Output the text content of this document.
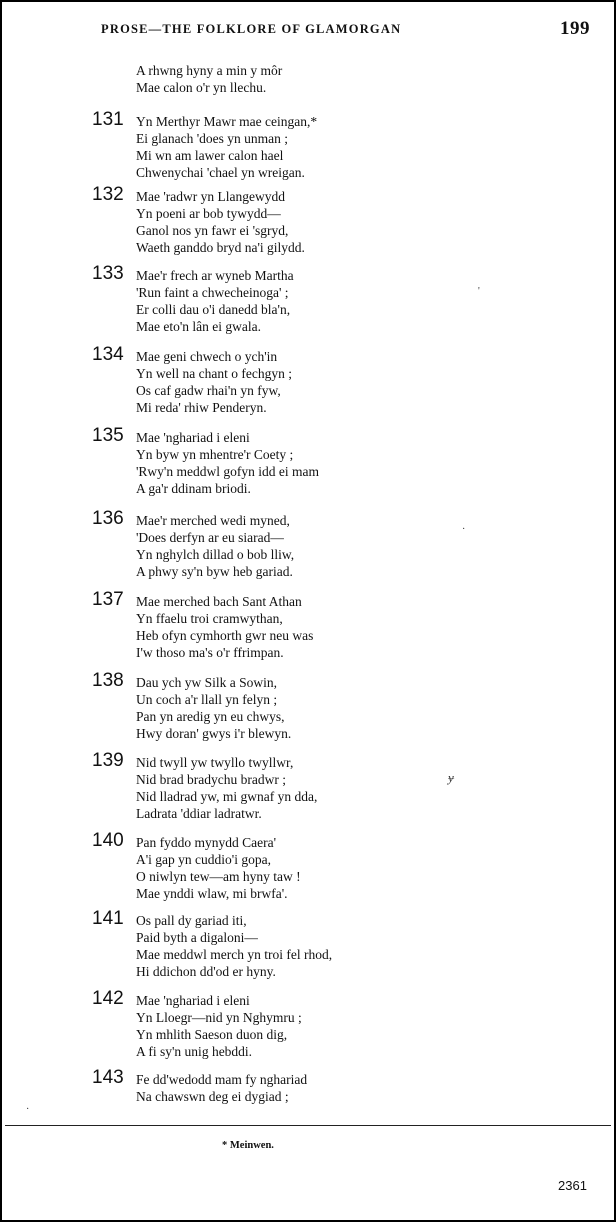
PROSE—THE FOLKLORE OF GLAMORGAN	199
A rhwng hyny a min y môr
Mae calon o'r yn llechu.
131 Yn Merthyr Mawr mae ceingan,*
Ei glanach 'does yn unman ;
Mi wn am lawer calon hael
Chwenychai 'chael yn wreigan.
132 Mae 'radwr yn Llangewydd
Yn poeni ar bob tywydd—
Ganol nos yn fawr ei 'sgryd,
Waeth ganddo bryd na'i gilydd.
133 Mae'r frech ar wyneb Martha
'Run faint a chwecheinoga' ;
Er colli dau o'i danedd bla'n,
Mae eto'n lân ei gwala.
134 Mae geni chwech o ych'in
Yn well na chant o fechgyn ;
Os caf gadw rhai'n yn fyw,
Mi reda' rhiw Penderyn.
135 Mae 'nghariad i eleni
Yn byw yn mhentre'r Coety ;
'Rwy'n meddwl gofyn idd ei mam
A ga'r ddinam briodi.
136 Mae'r merched wedi myned,
'Does derfyn ar eu siarad—
Yn nghylch dillad o bob lliw,
A phwy sy'n byw heb gariad.
137 Mae merched bach Sant Athan
Yn ffaelu troi cramwythan,
Heb ofyn cymhorth gwr neu was
I'w thoso ma's o'r ffrimpan.
138 Dau ych yw Silk a Sowin,
Un coch a'r llall yn felyn ;
Pan yn aredig yn eu chwys,
Hwy doran' gwys i'r blewyn.
139 Nid twyll yw twyllo twyllwr,
Nid brad bradychu bradwr ;
Nid lladrad yw, mi gwnaf yn dda,
Ladrata 'ddiar ladratwr.
140 Pan fyddo mynydd Caera'
A'i gap yn cuddio'i gopa,
O niwlyn tew—am hyny taw !
Mae ynddi wlaw, mi brwfa'.
141 Os pall dy gariad iti,
Paid byth a digaloni—
Mae meddwl merch yn troi fel rhod,
Hi ddichon dd'od er hyny.
142 Mae 'nghariad i eleni
Yn Lloegr—nid yn Nghymru ;
Yn mhlith Saeson duon dig,
A fi sy'n unig hebddi.
143 Fe dd'wedodd mam fy nghariad
Na chawswn deg ei dygiad ;
* Meinwen.
2361
'
·
ɏ
·
